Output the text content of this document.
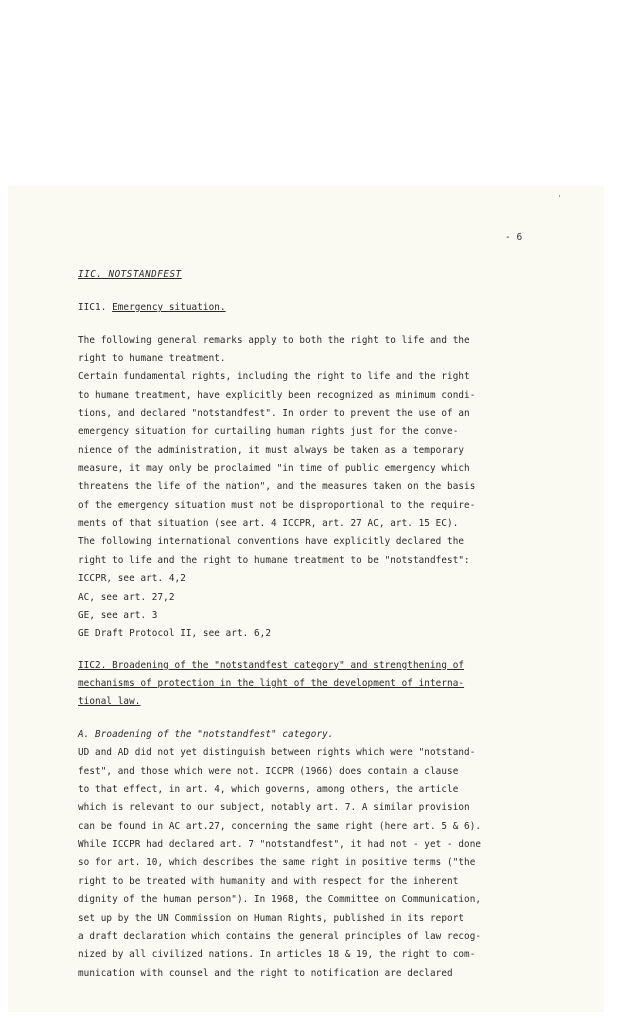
'
- 6
IIC. NOTSTANDFEST
IIC1. Emergency situation.
The following general remarks apply to both the right to life and the
right to humane treatment.
Certain fundamental rights, including the right to life and the right
to humane treatment, have explicitly been recognized as minimum condi-
tions, and declared "notstandfest". In order to prevent the use of an
emergency situation for curtailing human rights just for the conve-
nience of the administration, it must always be taken as a temporary
measure, it may only be proclaimed "in time of public emergency which
threatens the life of the nation", and the measures taken on the basis
of the emergency situation must not be disproportional to the require-
ments of that situation (see art. 4 ICCPR, art. 27 AC, art. 15 EC).
The following international conventions have explicitly declared the
right to life and the right to humane treatment to be "notstandfest":
ICCPR, see art. 4,2
AC, see art. 27,2
GE, see art. 3
GE Draft Protocol II, see art. 6,2
IIC2. Broadening of the "notstandfest category" and strengthening of
mechanisms of protection in the light of the development of interna-
tional law.
A. Broadening of the "notstandfest" category.
UD and AD did not yet distinguish between rights which were "notstand-
fest", and those which were not. ICCPR (1966) does contain a clause
to that effect, in art. 4, which governs, among others, the article
which is relevant to our subject, notably art. 7. A similar provision
can be found in AC art.27, concerning the same right (here art. 5 & 6).
While ICCPR had declared art. 7 "notstandfest", it had not - yet - done
so for art. 10, which describes the same right in positive terms ("the
right to be treated with humanity and with respect for the inherent
dignity of the human person"). In 1968, the Committee on Communication,
set up by the UN Commission on Human Rights, published in its report
a draft declaration which contains the general principles of law recog-
nized by all civilized nations. In articles 18 & 19, the right to com-
munication with counsel and the right to notification are declared
